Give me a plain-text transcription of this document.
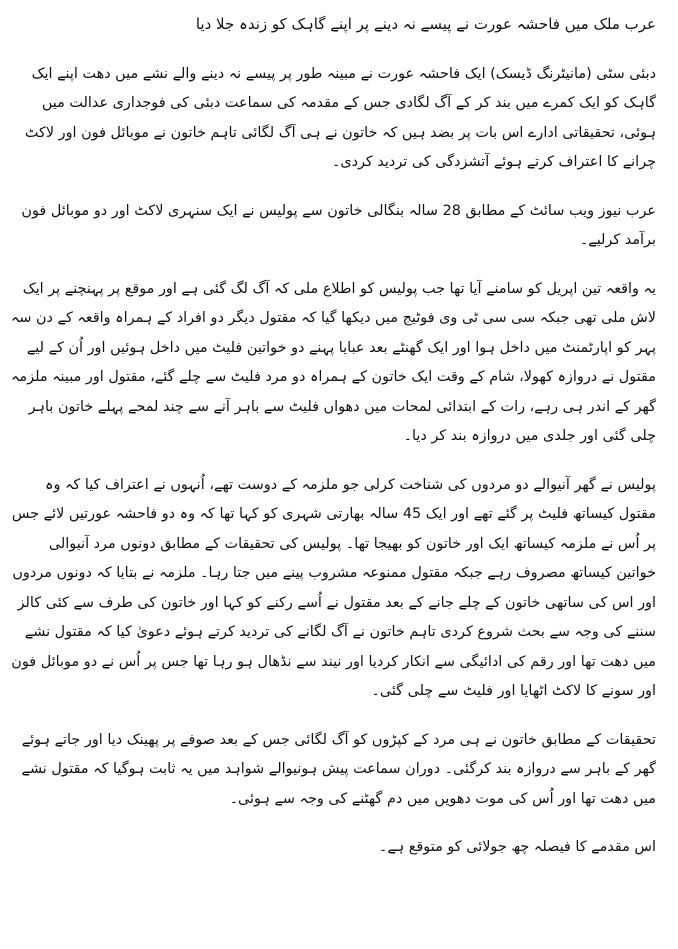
عرب ملک میں فاحشہ عورت نے پیسے نہ دینے پر اپنے گاہک کو زندہ جلا دیا

دبئی سٹی (مانیٹرنگ ڈیسک) ایک فاحشہ عورت نے مبینہ طور پر پیسے نہ دینے والے نشے میں دھت اپنے ایک گاہک کو ایک کمرے میں بند کر کے آگ لگادی جس کے مقدمہ کی سماعت دبئی کی فوجداری عدالت میں ہوئی، تحقیقاتی ادارے اس بات پر بضد ہیں کہ خاتون نے ہی آگ لگائی تاہم خاتون نے موبائل فون اور لاکٹ چرانے کا اعتراف کرتے ہوئے آتشزدگی کی تردید کردی۔

عرب نیوز ویب سائٹ کے مطابق 28 سالہ بنگالی خاتون سے پولیس نے ایک سنہری لاکٹ اور دو موبائل فون برآمد کرلیے۔

یہ واقعہ تین اپریل کو سامنے آیا تھا جب پولیس کو اطلاع ملی کہ آگ لگ گئی ہے اور موقع پر پہنچنے پر ایک لاش ملی تھی جبکہ سی سی ٹی وی فوٹیج میں دیکھا گیا کہ مقتول دیگر دو افراد کے ہمراہ واقعہ کے دن سہ پہر کو اپارٹمنٹ میں داخل ہوا اور ایک گھنٹے بعد عبایا پہنے دو خواتین فلیٹ میں داخل ہوئیں اور اُن کے لیے مقتول نے دروازہ کھولا، شام کے وقت ایک خاتون کے ہمراہ دو مرد فلیٹ سے چلے گئے، مقتول اور مبینہ ملزمہ گھر کے اندر ہی رہے، رات کے ابتدائی لمحات میں دھواں فلیٹ سے باہر آنے سے چند لمحے پہلے خاتون باہر چلی گئی اور جلدی میں دروازہ بند کر دیا۔

پولیس نے گھر آنیوالے دو مردوں کی شناخت کرلی جو ملزمہ کے دوست تھے، اُنہوں نے اعتراف کیا کہ وہ مقتول کیساتھ فلیٹ پر گئے تھے اور ایک 45 سالہ بھارتی شہری کو کہا تھا کہ وہ دو فاحشہ عورتیں لائے جس پر اُس نے ملزمہ کیساتھ ایک اور خاتون کو بھیجا تھا۔ پولیس کی تحقیقات کے مطابق دونوں مرد آنیوالی خواتین کیساتھ مصروف رہے جبکہ مقتول ممنوعہ مشروب پینے میں جتا رہا۔ ملزمہ نے بتایا کہ دونوں مردوں اور اس کی ساتھی خاتون کے چلے جانے کے بعد مقتول نے اُسے رکنے کو کہا اور خاتون کی طرف سے کئی کالز سننے کی وجہ سے بحث شروع کردی تاہم خاتون نے آگ لگانے کی تردید کرتے ہوئے دعویٰ کیا کہ مقتول نشے میں دھت تھا اور رقم کی ادائیگی سے انکار کردیا اور نیند سے نڈھال ہو رہا تھا جس پر اُس نے دو موبائل فون اور سونے کا لاکٹ اٹھایا اور فلیٹ سے چلی گئی۔

تحقیقات کے مطابق خاتون نے ہی مرد کے کپڑوں کو آگ لگائی جس کے بعد صوفے پر پھینک دیا اور جاتے ہوئے گھر کے باہر سے دروازہ بند کرگئی۔ دوران سماعت پیش ہونیوالے شواہد میں یہ ثابت ہوگیا کہ مقتول نشے میں دھت تھا اور اُس کی موت دھویں میں دم گھٹنے کی وجہ سے ہوئی۔

اس مقدمے کا فیصلہ چھ جولائی کو متوقع ہے۔
